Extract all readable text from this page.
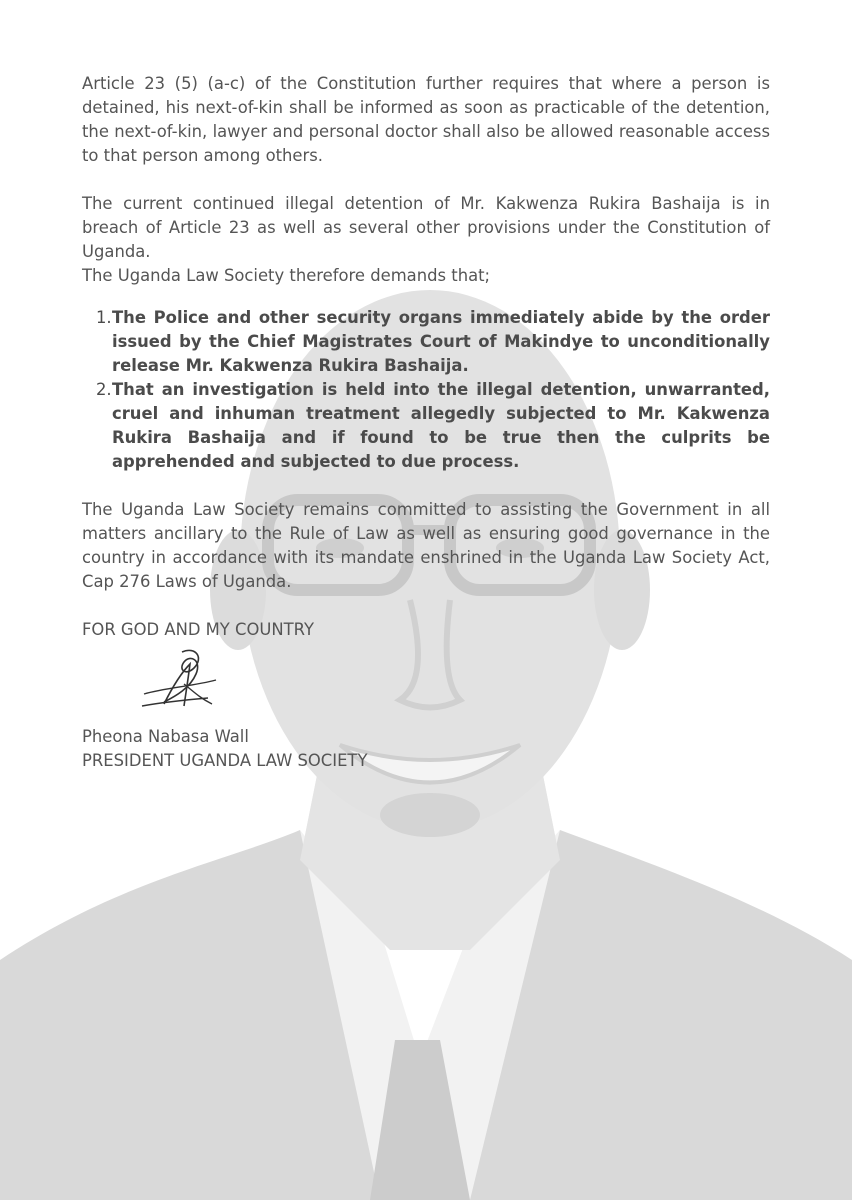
Article 23 (5) (a-c) of the Constitution further requires that where a person is detained, his next-of-kin shall be informed as soon as practicable of the detention, the next-of-kin, lawyer and personal doctor shall also be allowed reasonable access to that person among others.

The current continued illegal detention of Mr. Kakwenza Rukira Bashaija is in breach of Article 23 as well as several other provisions under the Constitution of Uganda.

The Uganda Law Society therefore demands that;

1. The Police and other security organs immediately abide by the order issued by the Chief Magistrates Court of Makindye to unconditionally release Mr. Kakwenza Rukira Bashaija.
2. That an investigation is held into the illegal detention, unwarranted, cruel and inhuman treatment allegedly subjected to Mr. Kakwenza Rukira Bashaija and if found to be true then the culprits be apprehended and subjected to due process.

The Uganda Law Society remains committed to assisting the Government in all matters ancillary to the Rule of Law as well as ensuring good governance in the country in accordance with its mandate enshrined in the Uganda Law Society Act, Cap 276 Laws of Uganda.

FOR GOD AND MY COUNTRY

Pheona Nabasa Wall

PRESIDENT UGANDA LAW SOCIETY
